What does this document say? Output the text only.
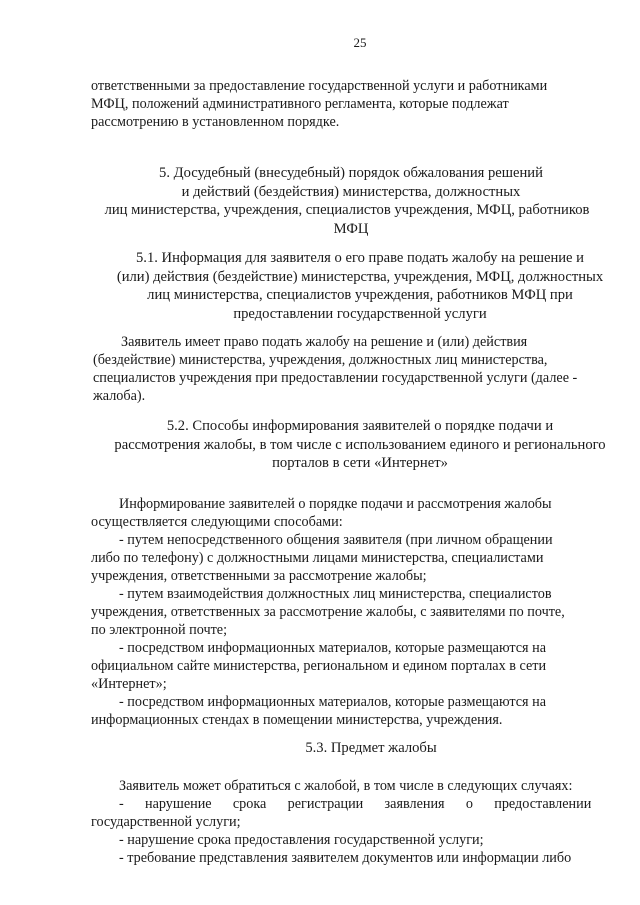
25
ответственными за предоставление государственной услуги и работниками
МФЦ, положений административного регламента, которые подлежат
рассмотрению в установленном порядке.
5. Досудебный (внесудебный) порядок обжалования решений
и действий (бездействия) министерства, должностных
лиц министерства, учреждения, специалистов учреждения, МФЦ, работников
МФЦ
5.1. Информация для заявителя о его праве подать жалобу на решение и
(или) действия (бездействие) министерства, учреждения, МФЦ, должностных
лиц министерства, специалистов учреждения, работников МФЦ при
предоставлении государственной услуги
Заявитель имеет право подать жалобу на решение и (или) действия
(бездействие) министерства, учреждения, должностных лиц министерства,
специалистов учреждения при предоставлении государственной услуги (далее -
жалоба).
5.2. Способы информирования заявителей о порядке подачи и
рассмотрения жалобы, в том числе с использованием единого и регионального
порталов в сети «Интернет»
Информирование заявителей о порядке подачи и рассмотрения жалобы
осуществляется следующими способами:
- путем непосредственного общения заявителя (при личном обращении
либо по телефону) с должностными лицами министерства, специалистами
учреждения, ответственными за рассмотрение жалобы;
- путем взаимодействия должностных лиц министерства, специалистов
учреждения, ответственных за рассмотрение жалобы, с заявителями по почте,
по электронной почте;
- посредством информационных материалов, которые размещаются на
официальном сайте министерства, региональном и едином порталах в сети
«Интернет»;
- посредством информационных материалов, которые размещаются на
информационных стендах в помещении министерства, учреждения.
5.3. Предмет жалобы
Заявитель может обратиться с жалобой, в том числе в следующих случаях:
-      нарушение      срока      регистрации      заявления      о      предоставлении
государственной услуги;
- нарушение срока предоставления государственной услуги;
- требование представления заявителем документов или информации либо
